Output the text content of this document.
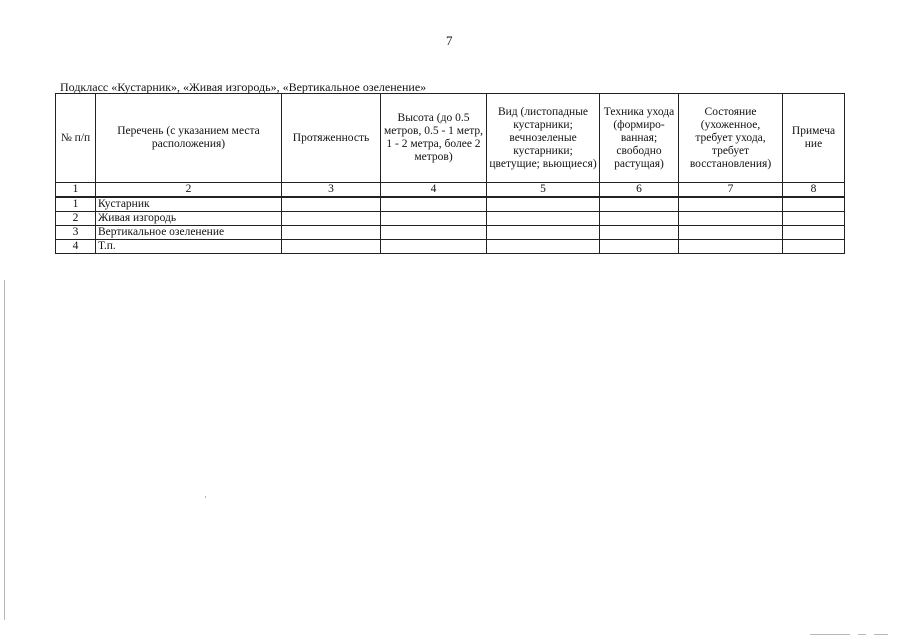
7
Подкласс «Кустарник», «Живая изгородь», «Вертикальное озеленение»
№ п/п	Перечень (с указанием места расположения)	Протяженность	Высота (до 0.5 метров, 0.5 - 1 метр, 1 - 2 метра, более 2 метров)	Вид (листопадные кустарники; вечнозеленые кустарники; цветущие; вьющиеся)	Техника ухода (формиро-ванная; свободно растущая)	Состояние (ухоженное, требует ухода, требует восстановления)	Примеча ние
1	2	3	4	5	6	7	8
1	Кустарник						
2	Живая изгородь						
3	Вертикальное озеленение						
4	Т.п.						
